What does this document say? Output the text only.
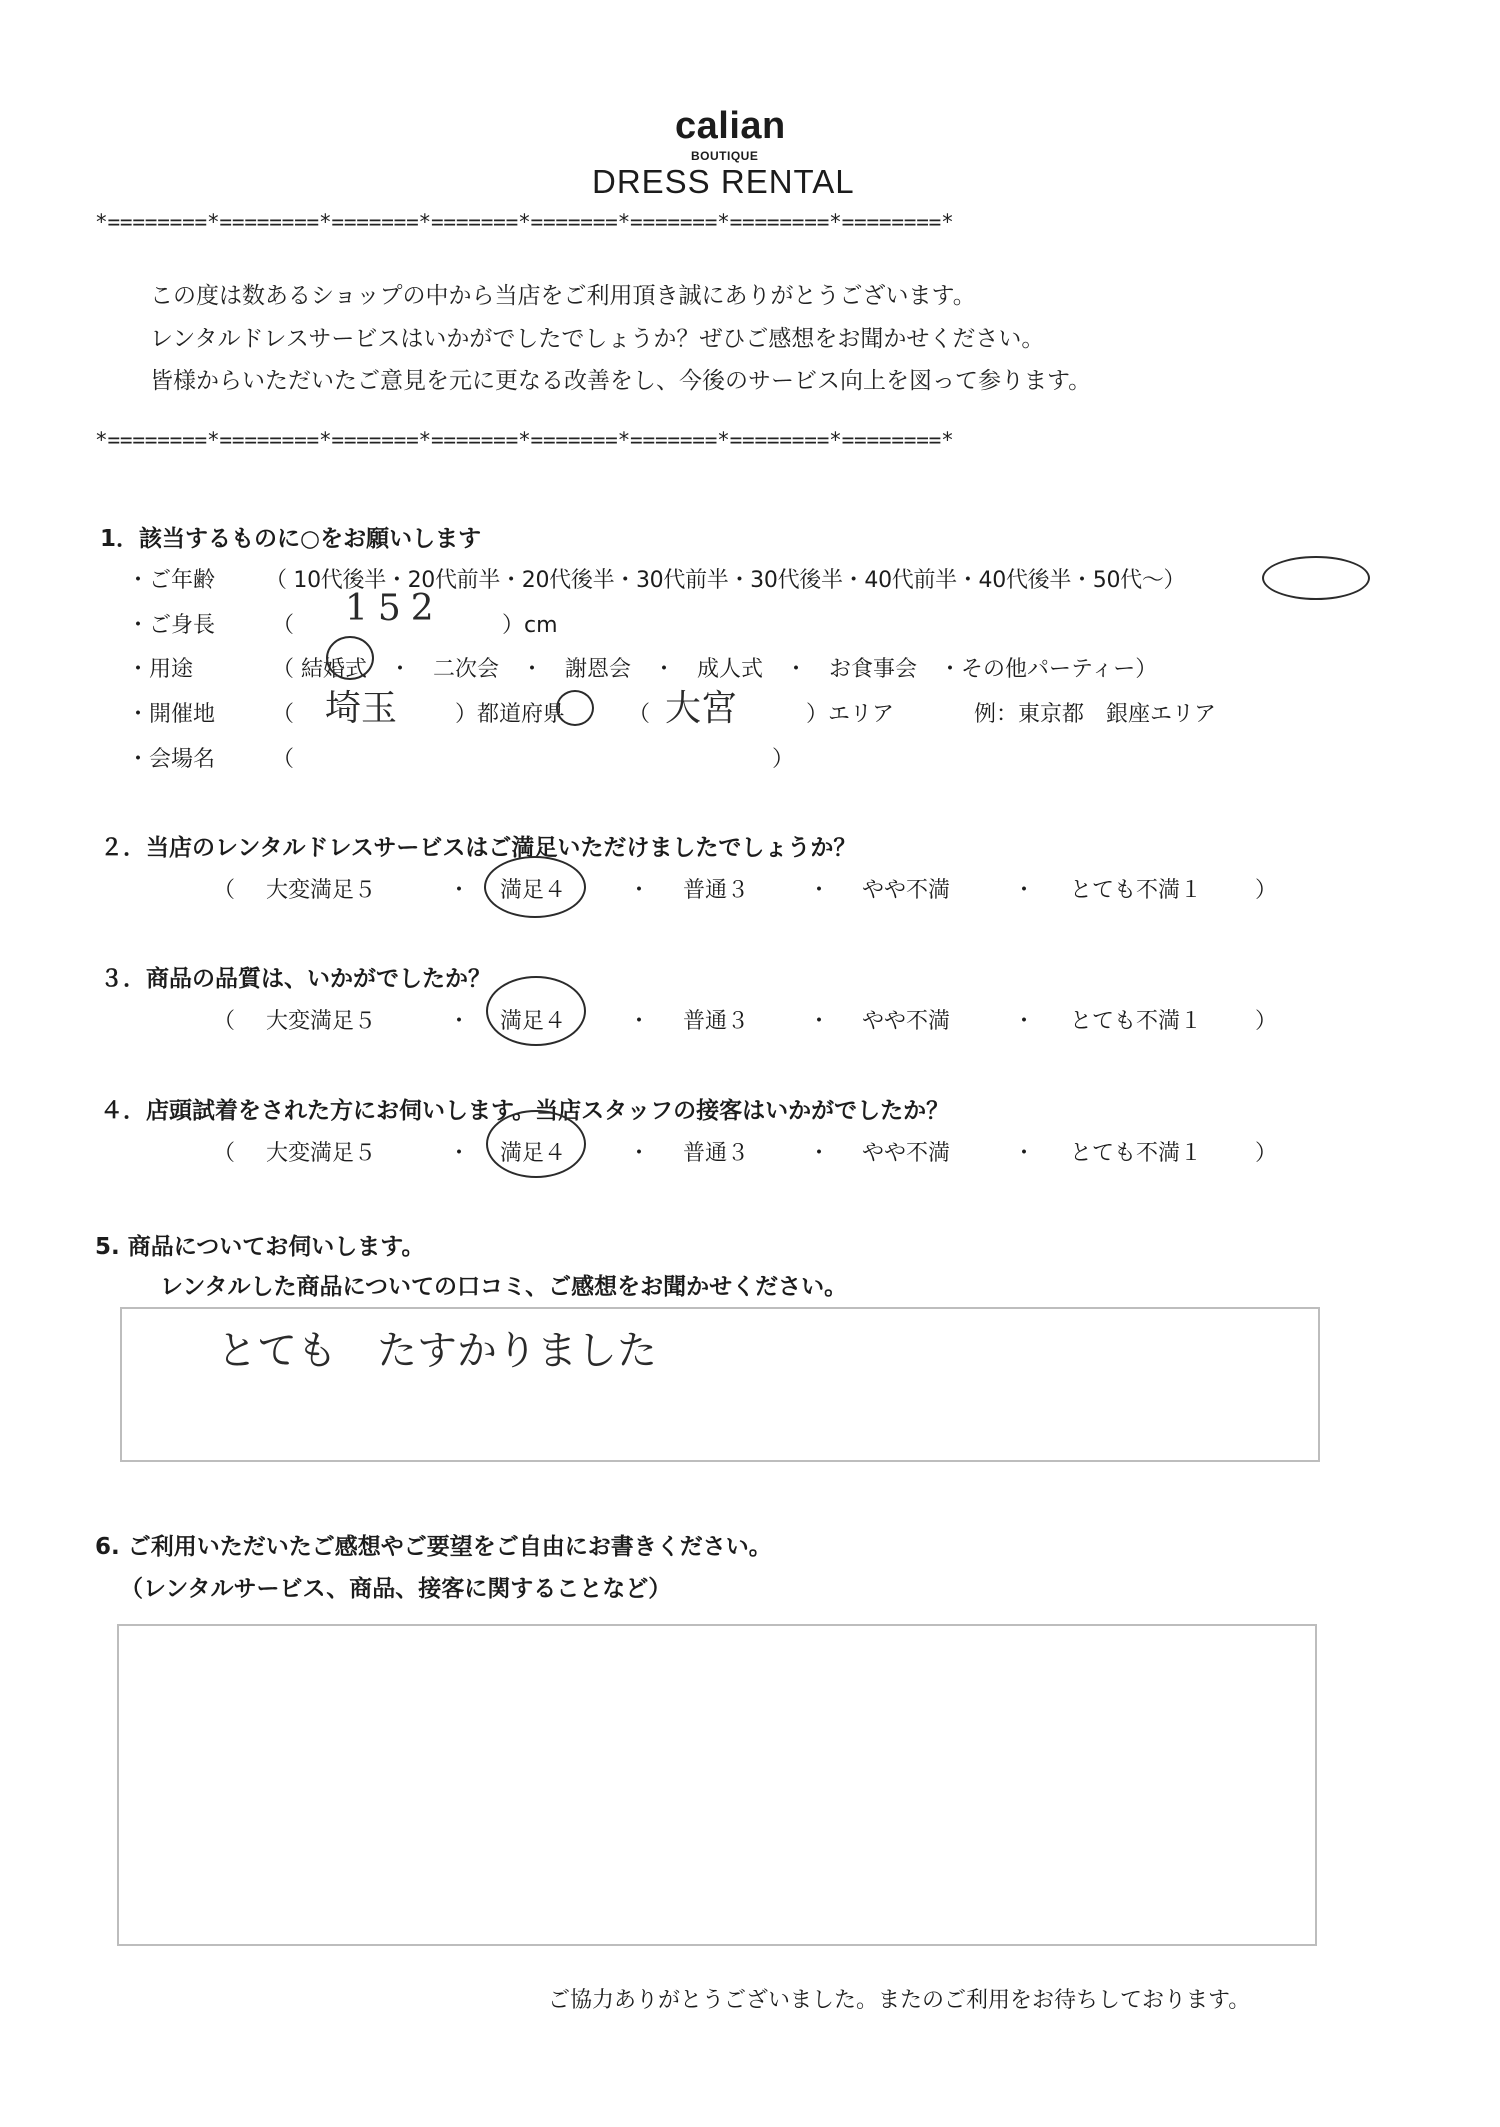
calian
BOUTIQUE
DRESS RENTAL
*========*========*=======*=======*=======*=======*========*========*
この度は数あるショップの中から当店をご利用頂き誠にありがとうございます。
レンタルドレスサービスはいかがでしたでしょうか？ぜひご感想をお聞かせください。
皆様からいただいたご意見を元に更なる改善をし、今後のサービス向上を図って参ります。
*========*========*=======*=======*=======*=======*========*========*
1．該当するものに○をお願いします
・ご年齢 （ 10代後半・20代前半・20代後半・30代前半・30代後半・40代前半・40代後半・50代～）
・ご身長	（ 152	）cm
・用途	（ 結婚式　・　二次会　・　謝恩会　・　成人式　・　お食事会　・その他パーティー）
・開催地	（ 埼玉	）都道府県	（ 大宮	）エリア	例：東京都　銀座エリア
・会場名	（	）
２．当店のレンタルドレスサービスはご満足いただけましたでしょうか？
（ 大変満足５	・ 満足４	・ 普通３	・ やや不満	・ とても不満１ ）
３．商品の品質は、いかがでしたか？
（ 大変満足５	・ 満足４	・ 普通３	・ やや不満	・ とても不満１ ）
４．店頭試着をされた方にお伺いします。当店スタッフの接客はいかがでしたか？
（ 大変満足５	・ 満足４	・ 普通３	・ やや不満	・ とても不満１ ）
5. 商品についてお伺いします。
レンタルした商品についての口コミ、ご感想をお聞かせください。
とても　たすかりました
6. ご利用いただいたご感想やご要望をご自由にお書きください。
（レンタルサービス、商品、接客に関することなど）
ご協力ありがとうございました。またのご利用をお待ちしております。
